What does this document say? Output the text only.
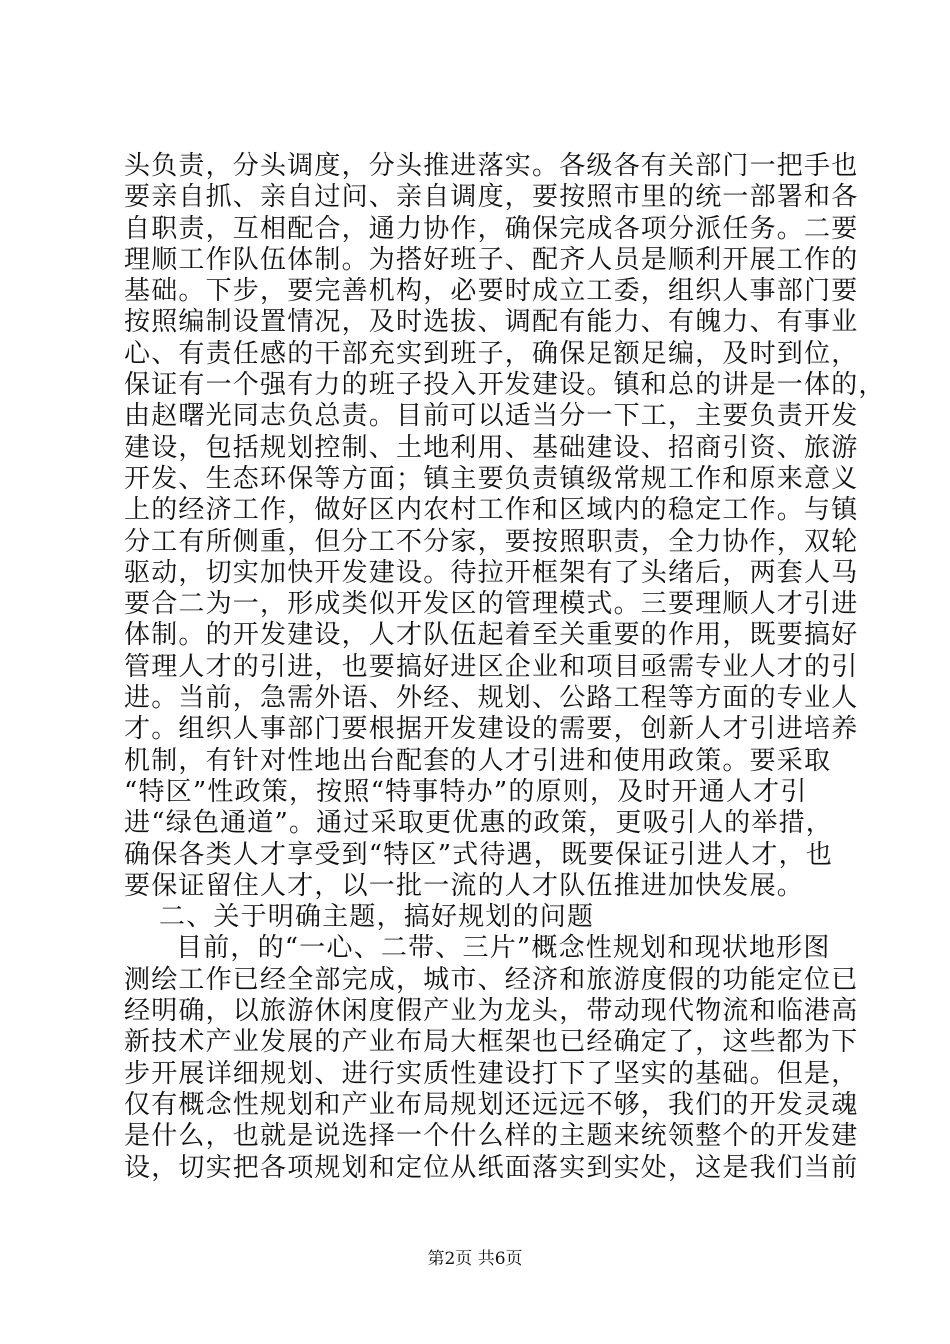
头负责，分头调度，分头推进落实。各级各有关部门一把手也
要亲自抓、亲自过问、亲自调度，要按照市里的统一部署和各
自职责，互相配合，通力协作，确保完成各项分派任务。二要
理顺工作队伍体制。为搭好班子、配齐人员是顺利开展工作的
基础。下步，要完善机构，必要时成立工委，组织人事部门要
按照编制设置情况，及时选拔、调配有能力、有魄力、有事业
心、有责任感的干部充实到班子，确保足额足编，及时到位，
保证有一个强有力的班子投入开发建设。镇和总的讲是一体的，
由赵曙光同志负总责。目前可以适当分一下工，主要负责开发
建设，包括规划控制、土地利用、基础建设、招商引资、旅游
开发、生态环保等方面；镇主要负责镇级常规工作和原来意义
上的经济工作，做好区内农村工作和区域内的稳定工作。与镇
分工有所侧重，但分工不分家，要按照职责，全力协作，双轮
驱动，切实加快开发建设。待拉开框架有了头绪后，两套人马
要合二为一，形成类似开发区的管理模式。三要理顺人才引进
体制。的开发建设，人才队伍起着至关重要的作用，既要搞好
管理人才的引进，也要搞好进区企业和项目亟需专业人才的引
进。当前，急需外语、外经、规划、公路工程等方面的专业人
才。组织人事部门要根据开发建设的需要，创新人才引进培养
机制，有针对性地出台配套的人才引进和使用政策。要采取
“特区”性政策，按照“特事特办”的原则，及时开通人才引
进“绿色通道”。通过采取更优惠的政策，更吸引人的举措，
确保各类人才享受到“特区”式待遇，既要保证引进人才，也
要保证留住人才，以一批一流的人才队伍推进加快发展。
二、关于明确主题，搞好规划的问题
目前，的“一心、二带、三片”概念性规划和现状地形图
测绘工作已经全部完成，城市、经济和旅游度假的功能定位已
经明确，以旅游休闲度假产业为龙头，带动现代物流和临港高
新技术产业发展的产业布局大框架也已经确定了，这些都为下
步开展详细规划、进行实质性建设打下了坚实的基础。但是，
仅有概念性规划和产业布局规划还远远不够，我们的开发灵魂
是什么，也就是说选择一个什么样的主题来统领整个的开发建
设，切实把各项规划和定位从纸面落实到实处，这是我们当前
第2页 共6页
